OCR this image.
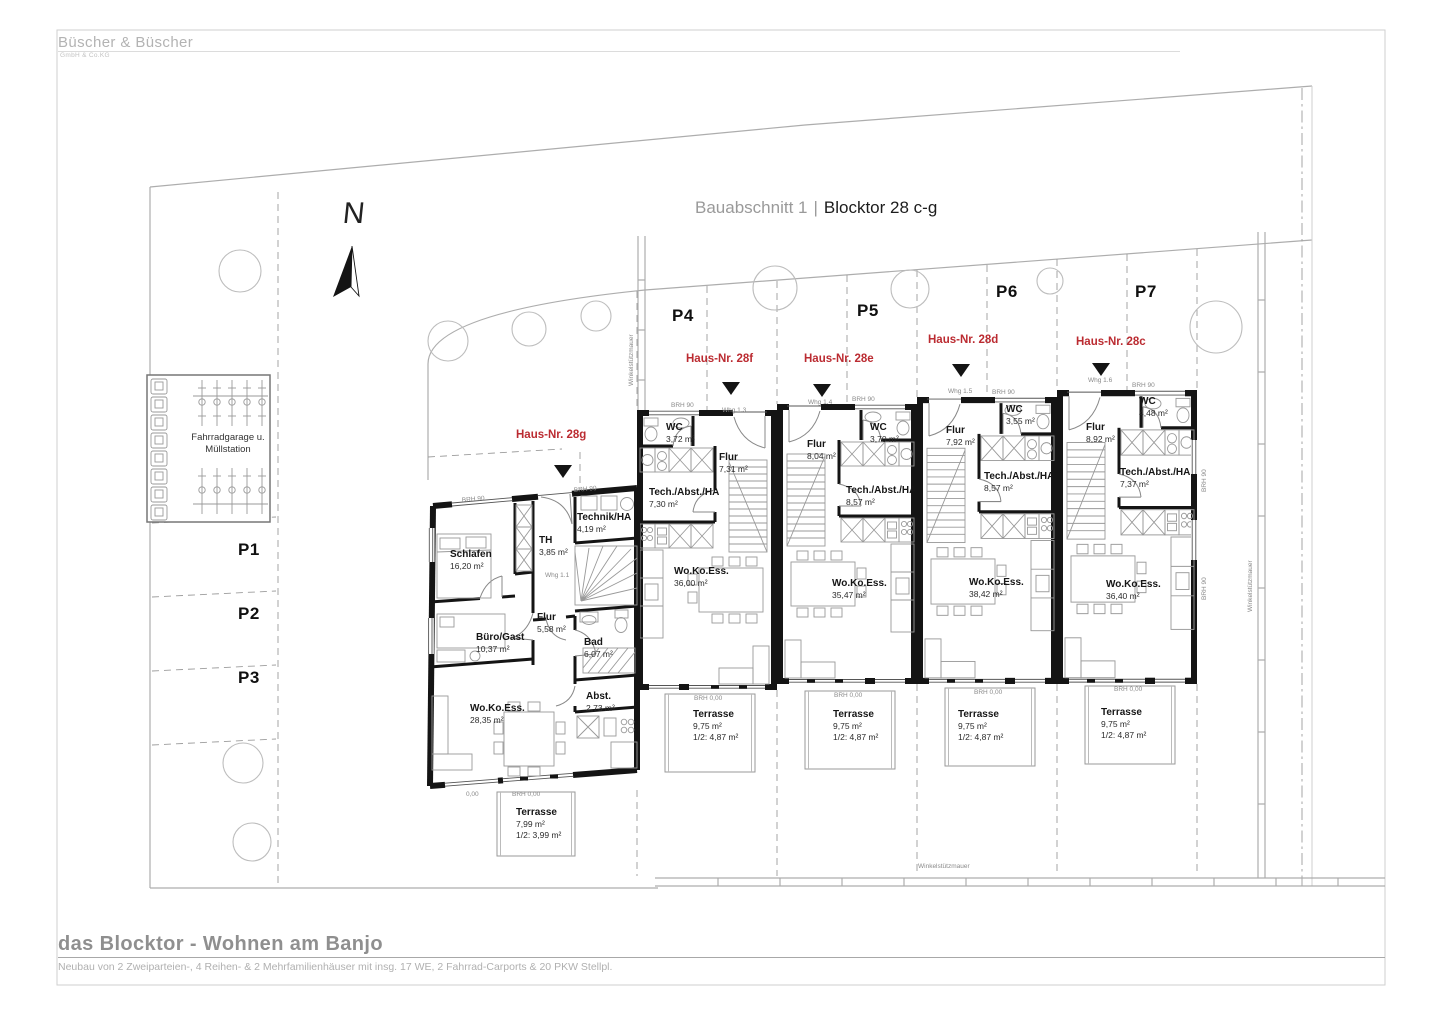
BRH 90
BRH 90
BRH 90
BRH 90
BRH 90
BRH 90	BRH 90
BRH 90
BRH 0,00	BRH 0,00	BRH 0,00	BRH 0,00
BRH 0,00
0,00
Whg 1.1
Whg 1.3
Whg 1.4
Whg 1.5
Whg 1.6
Winkelstützmauer
Winkelstützmauer
Winkelstützmauer
Büscher & Büscher
GmbH & Co.KG
Bauabschnitt 1 | Blocktor 28 c-g
N
Fahrradgarage u.
Müllstation
P1
P2
P3
P4	P5
P6	P7
Haus-Nr. 28g
Haus-Nr. 28f	Haus-Nr. 28e
Haus-Nr. 28d	Haus-Nr. 28c
Schlafen
16,20 m²
TH
3,85 m²
Technik/HA
4,19 m²
Büro/Gast
10,37 m²
Flur
5,58 m²
Bad
6,07 m²
Abst.
2,73 m²
Wo.Ko.Ess.
28,35 m²
Terrasse
7,99 m²
1/2: 3,99 m²
WC
3,72 m²
Flur
7,31 m²
Tech./Abst./HA
7,30 m²
Wo.Ko.Ess.
36,00 m²
Terrasse
9,75 m²
1/2: 4,87 m²
Flur
8,04 m²
WC
3,70 m²
Tech./Abst./HA
8,57 m²
Wo.Ko.Ess.
35,47 m²
Terrasse
9,75 m²
1/2: 4,87 m²
Flur
7,92 m²
WC
3,55 m²
Tech./Abst./HA
8,57 m²
Wo.Ko.Ess.
38,42 m²
Terrasse
9,75 m²
1/2: 4,87 m²
Flur
8,92 m²
WC
4,48 m²
Tech./Abst./HA
7,37 m²
Wo.Ko.Ess.
36,40 m²
Terrasse
9,75 m²
1/2: 4,87 m²
das Blocktor - Wohnen am Banjo
Neubau von 2 Zweiparteien-, 4 Reihen- & 2 Mehrfamilienhäuser mit insg. 17 WE, 2 Fahrrad-Carports & 20 PKW Stellpl.
